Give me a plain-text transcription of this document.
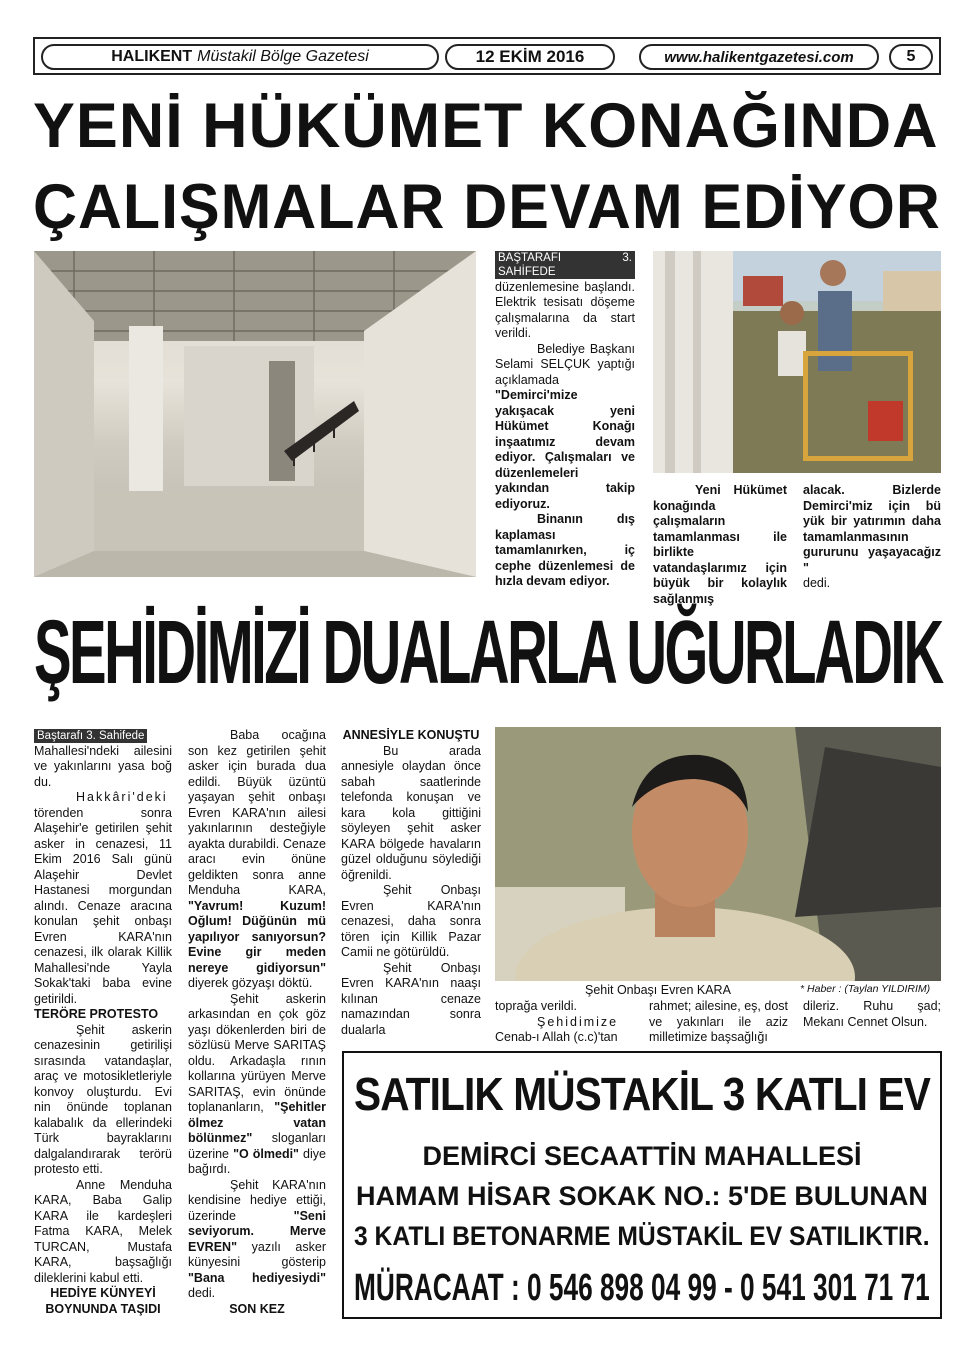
HALIKENT Müstakil Bölge Gazetesi	12 EKİM 2016	www.halikentgazetesi.com	5
YENİ HÜKÜMET KONAĞINDA
ÇALIŞMALAR DEVAM EDİYOR
BAŞTARAFI 3. SAHİFEDE

düzenlemesine başlandı. Elektrik tesisatı döşeme çalışmalarına da start verildi.

Belediye Başkanı Selami SELÇUK yaptığı açıklamada "Demirci'mize yakışacak yeni Hükümet Konağı inşaatımız devam ediyor. Çalışmaları ve düzenlemeleri yakından takip ediyoruz.

Binanın dış kaplaması tamamlanırken, iç cephe düzenlemesi de hızla devam ediyor.

Yeni Hükümet konağında çalışmaların tamamlanması ile birlikte vatandaşlarımız için büyük bir kolaylık sağlanmış

alacak. Bizlerde Demirci'miz için bü yük bir yatırımın daha tamamlanmasının gururunu yaşayacağız "

dedi.

ŞEHİDİMİZİ DUALARLA UĞURLADIK
Baştarafı 3. Sahifede

Mahallesi'ndeki ailesini ve yakınlarını yasa boğ du.

Hakkâri'deki törenden sonra Alaşehir'e getirilen şehit asker in cenazesi, 11 Ekim 2016 Salı günü Alaşehir Devlet Hastanesi morgundan alındı. Cenaze aracına konulan şehit onbaşı Evren KARA'nın cenazesi, ilk olarak Killik Mahallesi'nde Yayla Sokak'taki baba evine getirildi.

TERÖRE PROTESTO

Şehit askerin cenazesinin getirilişi sırasında vatandaşlar, araç ve motosikletleriyle konvoy oluşturdu. Evi nin önünde toplanan kalabalık da ellerindeki Türk bayraklarını dalgalandırarak terörü protesto etti.

Anne Menduha KARA, Baba Galip KARA ile kardeşleri Fatma KARA, Melek TURCAN, Mustafa KARA, başsağlığı dileklerini kabul etti.

HEDİYE KÜNYEYİ BOYNUNDA TAŞIDI

Baba ocağına son kez getirilen şehit asker için burada dua edildi. Büyük üzüntü yaşayan şehit onbaşı Evren KARA'nın ailesi yakınlarının desteğiyle ayakta durabildi. Cenaze aracı evin önüne geldikten sonra anne Menduha KARA, "Yavrum! Kuzum! Oğlum! Düğünün mü yapılıyor sanıyorsun? Evine gir meden nereye gidiyorsun" diyerek gözyaşı döktü.

Şehit askerin arkasından en çok göz yaşı dökenlerden biri de sözlüsü Merve SARITAŞ oldu. Arkadaşla rının kollarına yürüyen Merve SARITAŞ, evin önünde toplananların, "Şehitler ölmez vatan bölünmez" sloganları üzerine "O ölmedi" diye bağırdı.

Şehit KARA'nın kendisine hediye ettiği, üzerinde	"Seni seviyorum. Merve EVREN" yazılı asker künyesini gösterip "Bana hediyesiydi" dedi.

SON KEZ

ANNESİYLE KONUŞTU

Bu arada annesiyle olaydan önce sabah saatlerinde telefonda konuşan ve kara kola gittiğini söyleyen şehit asker KARA bölgede havaların güzel olduğunu söylediği öğrenildi.

Şehit Onbaşı Evren KARA'nın cenazesi, daha sonra tören için Killik Pazar Camii ne götürüldü.

Şehit Onbaşı Evren KARA'nın naaşı kılınan cenaze namazından sonra dualarla

Şehit Onbaşı Evren KARA	* Haber : (Taylan YILDIRIM)

toprağa verildi.

Şehidimize

Cenab-ı Allah (c.c)'tan

rahmet; ailesine, eş, dost ve yakınları ile aziz milletimize başsağlığı

dileriz. Ruhu şad; Mekanı Cennet Olsun.

SATILIK MÜSTAKİL 3 KATLI EV
DEMİRCİ SECAATTİN MAHALLESİ
HAMAM HİSAR SOKAK NO.: 5'DE BULUNAN
3 KATLI BETONARME MÜSTAKİL EV SATILIKTIR.
MÜRACAAT : 0 546 898 04 99 - 0 541 301 71 71
